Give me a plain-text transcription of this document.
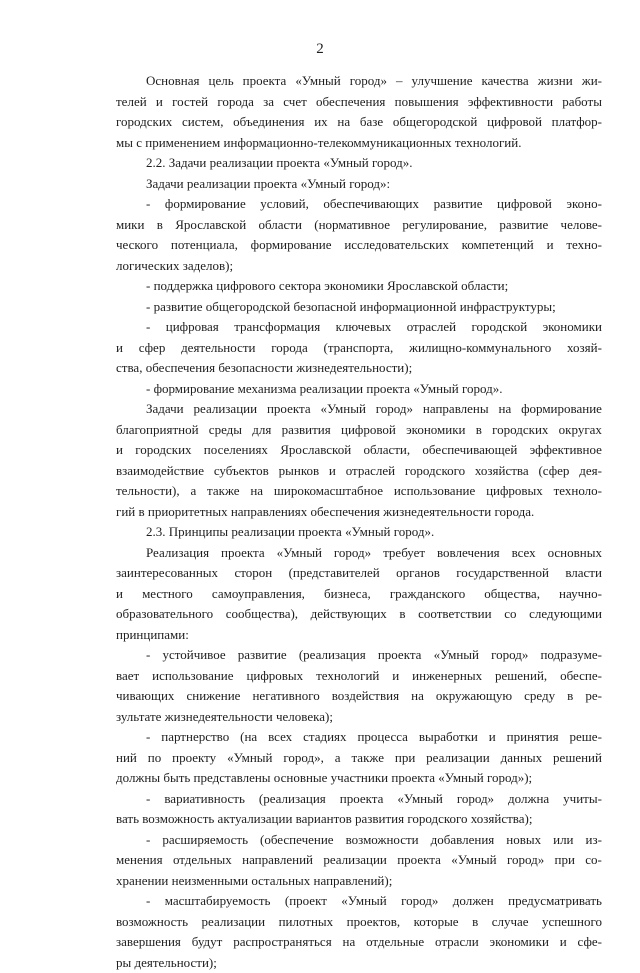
2
Основная цель проекта «Умный город» – улучшение качества жизни жи-
телей и гостей города за счет обеспечения повышения эффективности работы
городских систем, объединения их на базе общегородской цифровой платфор-
мы с применением информационно-телекоммуникационных технологий.
2.2. Задачи реализации проекта «Умный город».
Задачи реализации проекта «Умный город»:
- формирование условий, обеспечивающих развитие цифровой эконо-
мики в Ярославской области (нормативное регулирование, развитие челове-
ческого потенциала, формирование исследовательских компетенций и техно-
логических заделов);
- поддержка цифрового сектора экономики Ярославской области;
- развитие общегородской безопасной информационной инфраструктуры;
- цифровая трансформация ключевых отраслей городской экономики
и сфер деятельности города (транспорта, жилищно-коммунального хозяй-
ства, обеспечения безопасности жизнедеятельности);
- формирование механизма реализации проекта «Умный город».
Задачи реализации проекта «Умный город» направлены на формирование
благоприятной среды для развития цифровой экономики в городских округах
и городских поселениях Ярославской области, обеспечивающей эффективное
взаимодействие субъектов рынков и отраслей городского хозяйства (сфер дея-
тельности), а также на широкомасштабное использование цифровых техноло-
гий в приоритетных направлениях обеспечения жизнедеятельности города.
2.3. Принципы реализации проекта «Умный город».
Реализация проекта «Умный город» требует вовлечения всех основных
заинтересованных сторон (представителей органов государственной власти
и местного самоуправления, бизнеса, гражданского общества, научно-
образовательного сообщества), действующих в соответствии со следующими
принципами:
- устойчивое развитие (реализация проекта «Умный город» подразуме-
вает использование цифровых технологий и инженерных решений, обеспе-
чивающих снижение негативного воздействия на окружающую среду в ре-
зультате жизнедеятельности человека);
- партнерство (на всех стадиях процесса выработки и принятия реше-
ний по проекту «Умный город», а также при реализации данных решений
должны быть представлены основные участники проекта «Умный город»);
- вариативность (реализация проекта «Умный город» должна учиты-
вать возможность актуализации вариантов развития городского хозяйства);
- расширяемость (обеспечение возможности добавления новых или из-
менения отдельных направлений реализации проекта «Умный город» при со-
хранении неизменными остальных направлений);
- масштабируемость (проект «Умный город» должен предусматривать
возможность реализации пилотных проектов, которые в случае успешного
завершения будут распространяться на отдельные отрасли экономики и сфе-
ры деятельности);
